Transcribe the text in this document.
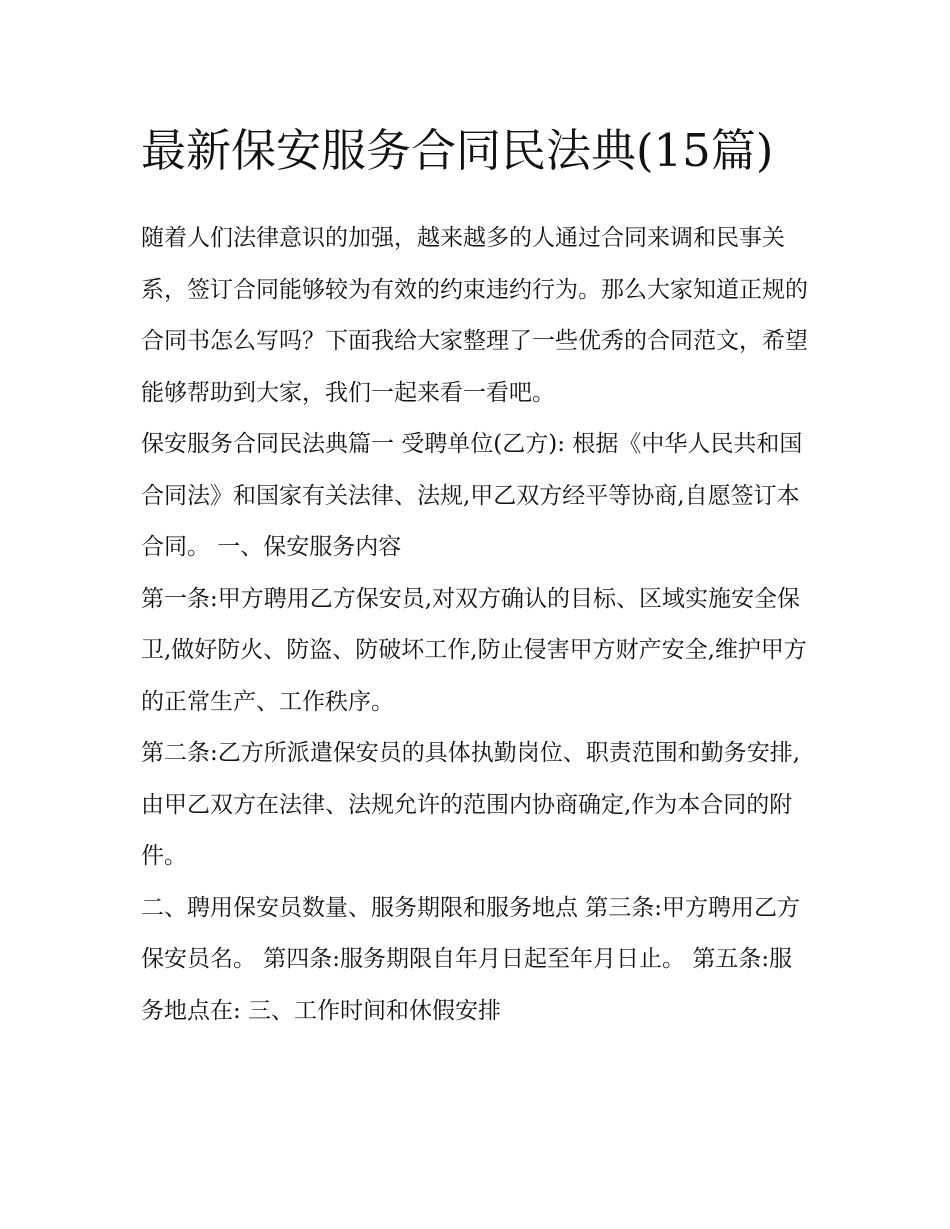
最新保安服务合同民法典(15篇)

随着人们法律意识的加强，越来越多的人通过合同来调和民事关系，签订合同能够较为有效的约束违约行为。那么大家知道正规的合同书怎么写吗？下面我给大家整理了一些优秀的合同范文，希望能够帮助到大家，我们一起来看一看吧。

保安服务合同民法典篇一 受聘单位(乙方): 根据《中华人民共和国合同法》和国家有关法律、法规,甲乙双方经平等协商,自愿签订本合同。 一、保安服务内容

第一条:甲方聘用乙方保安员,对双方确认的目标、区域实施安全保卫,做好防火、防盗、防破坏工作,防止侵害甲方财产安全,维护甲方的正常生产、工作秩序。

第二条:乙方所派遣保安员的具体执勤岗位、职责范围和勤务安排,由甲乙双方在法律、法规允许的范围内协商确定,作为本合同的附件。

二、聘用保安员数量、服务期限和服务地点 第三条:甲方聘用乙方保安员名。 第四条:服务期限自年月日起至年月日止。 第五条:服务地点在: 三、工作时间和休假安排
